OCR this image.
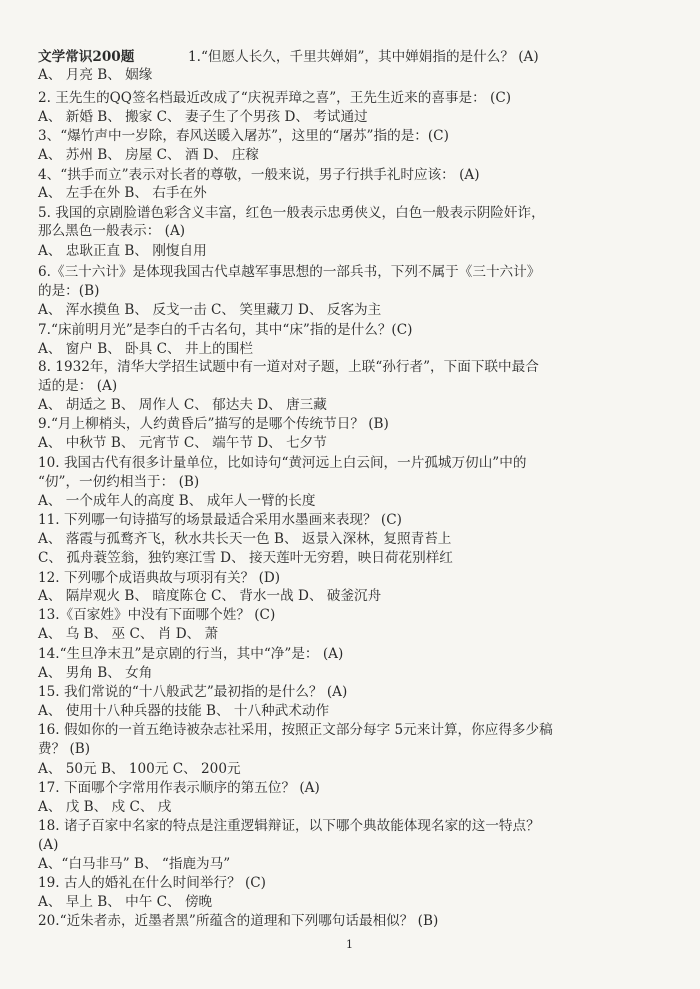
文学常识200题	1.“但愿人长久，千里共婵娟”，其中婵娟指的是什么？ (A)
A、 月亮 B、 姻缘
2. 王先生的QQ签名档最近改成了“庆祝弄璋之喜”，王先生近来的喜事是： (C)
A、 新婚 B、 搬家 C、 妻子生了个男孩 D、 考试通过
3、“爆竹声中一岁除，春风送暖入屠苏”，这里的“屠苏”指的是：(C)
A、 苏州 B、 房屋 C、 酒 D、 庄稼
4、“拱手而立”表示对长者的尊敬，一般来说，男子行拱手礼时应该： (A)
A、 左手在外 B、 右手在外
5. 我国的京剧脸谱色彩含义丰富，红色一般表示忠勇侠义，白色一般表示阴险奸诈，
那么黑色一般表示： (A)
A、 忠耿正直 B、 刚愎自用
6.《三十六计》是体现我国古代卓越军事思想的一部兵书，下列不属于《三十六计》
的是：(B)
A、 浑水摸鱼 B、 反戈一击 C、 笑里藏刀 D、 反客为主
7.“床前明月光”是李白的千古名句，其中“床”指的是什么？(C)
A、 窗户 B、 卧具 C、 井上的围栏
8. 1932年，清华大学招生试题中有一道对对子题，上联“孙行者”，下面下联中最合
适的是： (A)
A、 胡适之 B、 周作人 C、 郁达夫 D、 唐三藏
9.“月上柳梢头，人约黄昏后”描写的是哪个传统节日？ (B)
A、 中秋节 B、 元宵节 C、 端午节 D、 七夕节
10. 我国古代有很多计量单位，比如诗句“黄河远上白云间，一片孤城万仞山”中的
“仞”，一仞约相当于： (B)
A、 一个成年人的高度 B、 成年人一臂的长度
11. 下列哪一句诗描写的场景最适合采用水墨画来表现？ (C)
A、 落霞与孤鹜齐飞，秋水共长天一色 B、 返景入深林，复照青苔上
C、 孤舟蓑笠翁，独钓寒江雪 D、 接天莲叶无穷碧，映日荷花别样红
12. 下列哪个成语典故与项羽有关？ (D)
A、 隔岸观火 B、 暗度陈仓 C、 背水一战 D、 破釜沉舟
13.《百家姓》中没有下面哪个姓？ (C)
A、 乌 B、 巫 C、 肖 D、 萧
14.“生旦净末丑”是京剧的行当，其中“净”是： (A)
A、 男角 B、 女角
15. 我们常说的“十八般武艺”最初指的是什么？ (A)
A、 使用十八种兵器的技能 B、 十八种武术动作
16. 假如你的一首五绝诗被杂志社采用，按照正文部分每字 5元来计算，你应得多少稿
费？ (B)
A、 50元 B、 100元 C、 200元
17. 下面哪个字常用作表示顺序的第五位？ (A)
A、 戊 B、 戍 C、 戌
18. 诸子百家中名家的特点是注重逻辑辩证，以下哪个典故能体现名家的这一特点？
(A)
A、“白马非马” B、 “指鹿为马”
19. 古人的婚礼在什么时间举行？ (C)
A、 早上 B、 中午 C、 傍晚
20.“近朱者赤，近墨者黑”所蕴含的道理和下列哪句话最相似？ (B)
1
